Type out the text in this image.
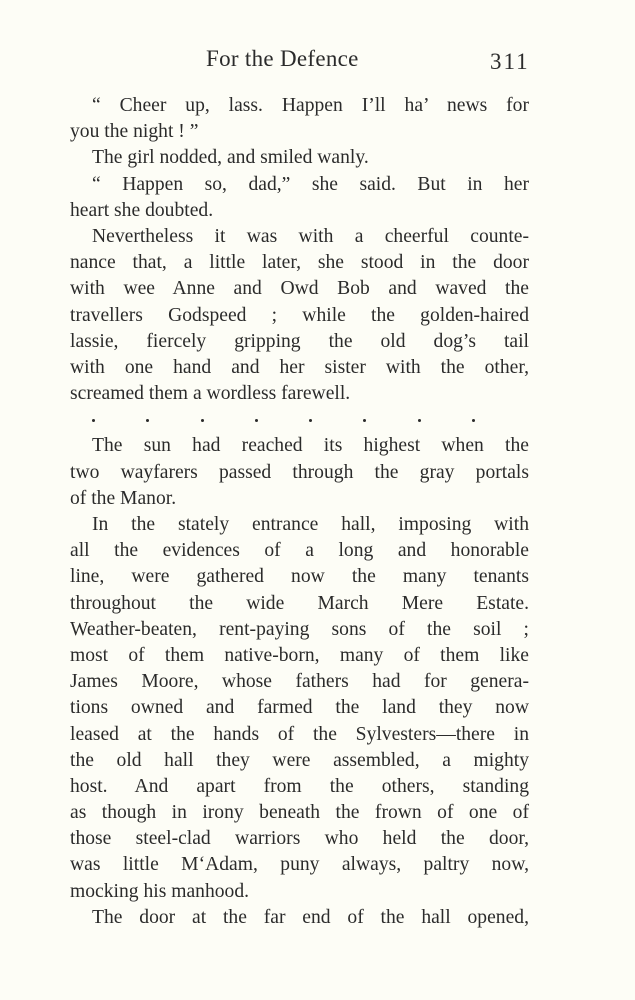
For the Defence	311
“ Cheer up, lass. Happen I’ll ha’ news for
you the night ! ”
The girl nodded, and smiled wanly.
“ Happen so, dad,” she said. But in her
heart she doubted.
Nevertheless it was with a cheerful counte-
nance that, a little later, she stood in the door
with wee Anne and Owd Bob and waved the
travellers Godspeed ; while the golden-haired
lassie, fiercely gripping the old dog’s tail
with one hand and her sister with the other,
screamed them a wordless farewell.
The sun had reached its highest when the
two wayfarers passed through the gray portals
of the Manor.
In the stately entrance hall, imposing with
all the evidences of a long and honorable
line, were gathered now the many tenants
throughout the wide March Mere Estate.
Weather-beaten, rent-paying sons of the soil ;
most of them native-born, many of them like
James Moore, whose fathers had for genera-
tions owned and farmed the land they now
leased at the hands of the Sylvesters—there in
the old hall they were assembled, a mighty
host. And apart from the others, standing
as though in irony beneath the frown of one of
those steel-clad warriors who held the door,
was little M‘Adam, puny always, paltry now,
mocking his manhood.
The door at the far end of the hall opened,
